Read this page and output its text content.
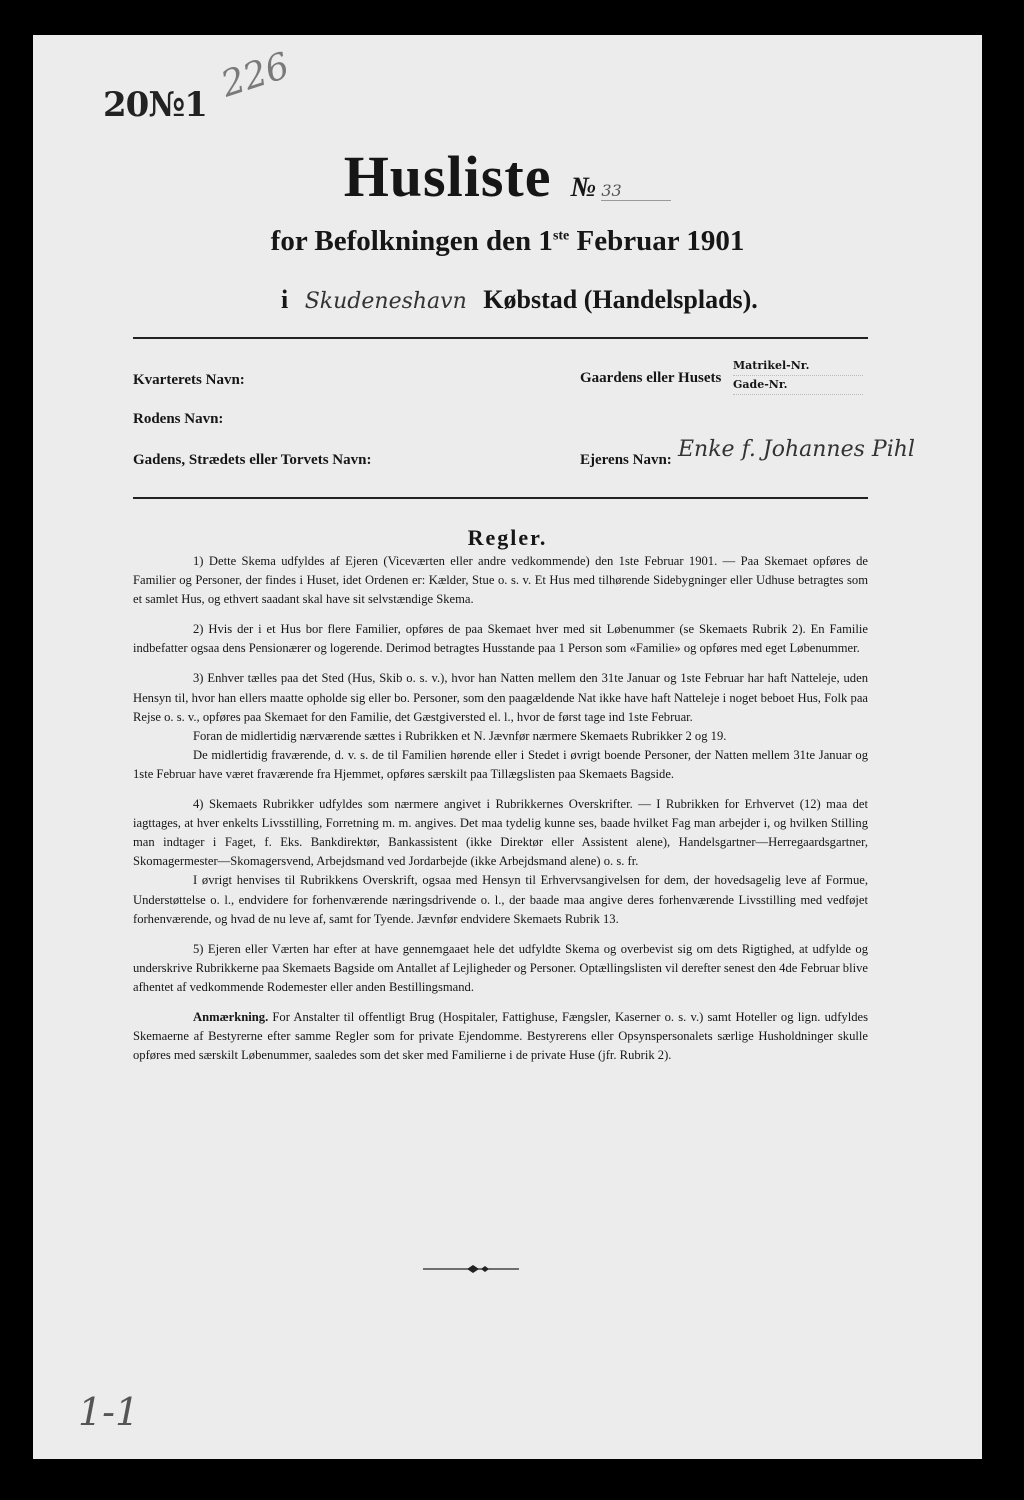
20№1 226
Husliste № 33
for Befolkningen den 1ste Februar 1901
i Skudeneshavn Købstad (Handelsplads).
Kvarterets Navn:
Rodens Navn:
Gadens, Strædets eller Torvets Navn:
Gaardens eller Husets
Matrikel-Nr.
Gade-Nr.
Ejerens Navn: Enke f. Johannes Pihl
Regler.

1) Dette Skema udfyldes af Ejeren (Viceværten eller andre vedkommende) den 1ste Februar 1901. — Paa Skemaet opføres de Familier og Personer, der findes i Huset, idet Ordenen er: Kælder, Stue o. s. v. Et Hus med tilhørende Sidebygninger eller Udhuse betragtes som et samlet Hus, og ethvert saadant skal have sit selvstændige Skema.

2) Hvis der i et Hus bor flere Familier, opføres de paa Skemaet hver med sit Løbenummer (se Skemaets Rubrik 2). En Familie indbefatter ogsaa dens Pensionærer og logerende. Derimod betragtes Husstande paa 1 Person som «Familie» og opføres med eget Løbenummer.

3) Enhver tælles paa det Sted (Hus, Skib o. s. v.), hvor han Natten mellem den 31te Januar og 1ste Februar har haft Natteleje, uden Hensyn til, hvor han ellers maatte opholde sig eller bo. Personer, som den paagældende Nat ikke have haft Natteleje i noget beboet Hus, Folk paa Rejse o. s. v., opføres paa Skemaet for den Familie, det Gæstgiversted el. l., hvor de først tage ind 1ste Februar.

Foran de midlertidig nærværende sættes i Rubrikken et N. Jævnfør nærmere Skemaets Rubrikker 2 og 19.

De midlertidig fraværende, d. v. s. de til Familien hørende eller i Stedet i øvrigt boende Personer, der Natten mellem 31te Januar og 1ste Februar have været fraværende fra Hjemmet, opføres særskilt paa Tillægslisten paa Skemaets Bagside.

4) Skemaets Rubrikker udfyldes som nærmere angivet i Rubrikkernes Overskrifter. — I Rubrikken for Erhvervet (12) maa det iagttages, at hver enkelts Livsstilling, Forretning m. m. angives. Det maa tydelig kunne ses, baade hvilket Fag man arbejder i, og hvilken Stilling man indtager i Faget, f. Eks. Bankdirektør, Bankassistent (ikke Direktør eller Assistent alene), Handelsgartner—Herregaardsgartner, Skomagermester—Skomagersvend, Arbejdsmand ved Jordarbejde (ikke Arbejdsmand alene) o. s. fr.

I øvrigt henvises til Rubrikkens Overskrift, ogsaa med Hensyn til Erhvervsangivelsen for dem, der hovedsagelig leve af Formue, Understøttelse o. l., endvidere for forhenværende næringsdrivende o. l., der baade maa angive deres forhenværende Livsstilling med vedføjet forhenværende, og hvad de nu leve af, samt for Tyende. Jævnfør endvidere Skemaets Rubrik 13.

5) Ejeren eller Værten har efter at have gennemgaaet hele det udfyldte Skema og overbevist sig om dets Rigtighed, at udfylde og underskrive Rubrikkerne paa Skemaets Bagside om Antallet af Lejligheder og Personer. Optællingslisten vil derefter senest den 4de Februar blive afhentet af vedkommende Rodemester eller anden Bestillingsmand.

Anmærkning. For Anstalter til offentligt Brug (Hospitaler, Fattighuse, Fængsler, Kaserner o. s. v.) samt Hoteller og lign. udfyldes Skemaerne af Bestyrerne efter samme Regler som for private Ejendomme. Bestyrerens eller Opsynspersonalets særlige Husholdninger skulle opføres med særskilt Løbenummer, saaledes som det sker med Familierne i de private Huse (jfr. Rubrik 2).

1-1
